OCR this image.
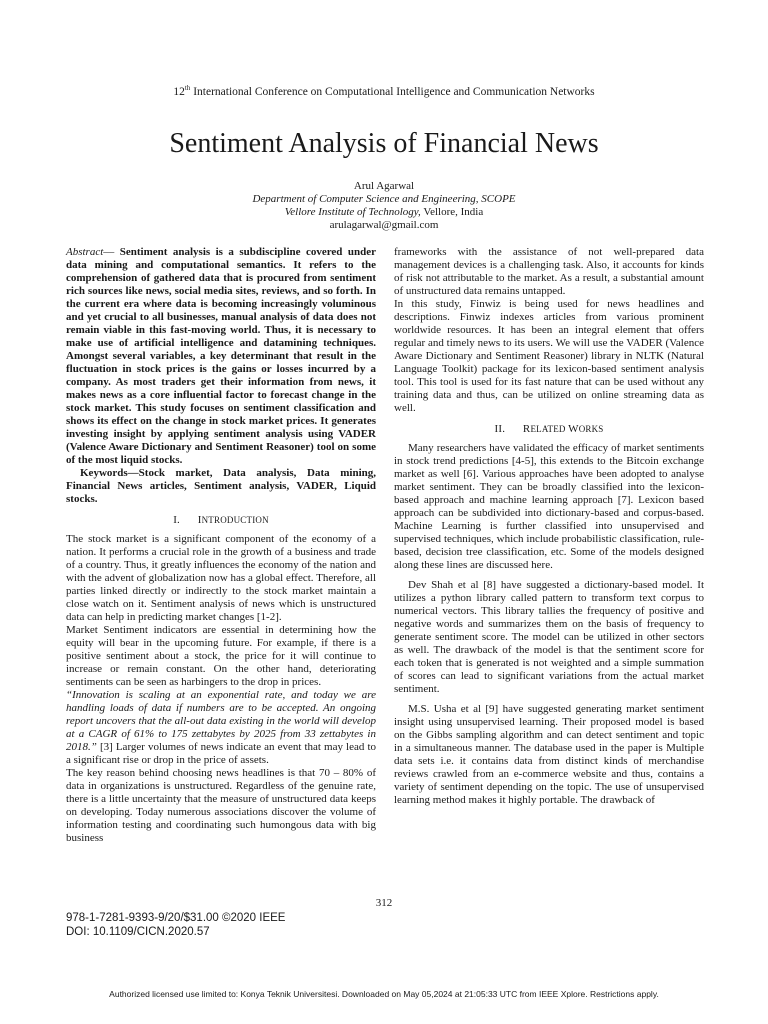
12th International Conference on Computational Intelligence and Communication Networks
Sentiment Analysis of Financial News
Arul Agarwal
Department of Computer Science and Engineering, SCOPE
Vellore Institute of Technology, Vellore, India
arulagarwal@gmail.com

Abstract— Sentiment analysis is a subdiscipline covered under data mining and computational semantics. It refers to the comprehension of gathered data that is procured from sentiment rich sources like news, social media sites, reviews, and so forth. In the current era where data is becoming increasingly voluminous and yet crucial to all businesses, manual analysis of data does not remain viable in this fast-moving world. Thus, it is necessary to make use of artificial intelligence and datamining techniques. Amongst several variables, a key determinant that result in the fluctuation in stock prices is the gains or losses incurred by a company. As most traders get their information from news, it makes news as a core influential factor to forecast change in the stock market. This study focuses on sentiment classification and shows its effect on the change in stock market prices. It generates investing insight by applying sentiment analysis using VADER (Valence Aware Dictionary and Sentiment Reasoner) tool on some of the most liquid stocks.

Keywords—Stock market, Data analysis, Data mining, Financial News articles, Sentiment analysis, VADER, Liquid stocks.

I. INTRODUCTION

The stock market is a significant component of the economy of a nation. It performs a crucial role in the growth of a business and trade of a country. Thus, it greatly influences the economy of the nation and with the advent of globalization now has a global effect. Therefore, all parties linked directly or indirectly to the stock market maintain a close watch on it. Sentiment analysis of news which is unstructured data can help in predicting market changes [1-2].

Market Sentiment indicators are essential in determining how the equity will bear in the upcoming future. For example, if there is a positive sentiment about a stock, the price for it will continue to increase or remain constant. On the other hand, deteriorating sentiments can be seen as harbingers to the drop in prices.

“Innovation is scaling at an exponential rate, and today we are handling loads of data if numbers are to be accepted. An ongoing report uncovers that the all-out data existing in the world will develop at a CAGR of 61% to 175 zettabytes by 2025 from 33 zettabytes in 2018.” [3] Larger volumes of news indicate an event that may lead to a significant rise or drop in the price of assets.

The key reason behind choosing news headlines is that 70 – 80% of data in organizations is unstructured. Regardless of the genuine rate, there is a little uncertainty that the measure of unstructured data keeps on developing. Today numerous associations discover the volume of information testing and coordinating such humongous data with big business

frameworks with the assistance of not well-prepared data management devices is a challenging task. Also, it accounts for kinds of risk not attributable to the market. As a result, a substantial amount of unstructured data remains untapped.

In this study, Finwiz is being used for news headlines and descriptions. Finwiz indexes articles from various prominent worldwide resources. It has been an integral element that offers regular and timely news to its users. We will use the VADER (Valence Aware Dictionary and Sentiment Reasoner) library in NLTK (Natural Language Toolkit) package for its lexicon-based sentiment analysis tool. This tool is used for its fast nature that can be used without any training data and thus, can be utilized on online streaming data as well.

II. RELATED WORKS

Many researchers have validated the efficacy of market sentiments in stock trend predictions [4-5], this extends to the Bitcoin exchange market as well [6]. Various approaches have been adopted to analyse market sentiment. They can be broadly classified into the lexicon-based approach and machine learning approach [7]. Lexicon based approach can be subdivided into dictionary-based and corpus-based. Machine Learning is further classified into unsupervised and supervised techniques, which include probabilistic classification, rule-based, decision tree classification, etc. Some of the models designed along these lines are discussed here.

Dev Shah et al [8] have suggested a dictionary-based model. It utilizes a python library called pattern to transform text corpus to numerical vectors. This library tallies the frequency of positive and negative words and summarizes them on the basis of frequency to generate sentiment score. The model can be utilized in other sectors as well. The drawback of the model is that the sentiment score for each token that is generated is not weighted and a simple summation of scores can lead to significant variations from the actual market sentiment.

M.S. Usha et al [9] have suggested generating market sentiment insight using unsupervised learning. Their proposed model is based on the Gibbs sampling algorithm and can detect sentiment and topic in a simultaneous manner. The database used in the paper is Multiple data sets i.e. it contains data from distinct kinds of merchandise reviews crawled from an e-commerce website and thus, contains a variety of sentiment depending on the topic. The use of unsupervised learning method makes it highly portable. The drawback of

312
978-1-7281-9393-9/20/$31.00 ©2020 IEEE
DOI: 10.1109/CICN.2020.57
Authorized licensed use limited to: Konya Teknik Universitesi. Downloaded on May 05,2024 at 21:05:33 UTC from IEEE Xplore. Restrictions apply.
